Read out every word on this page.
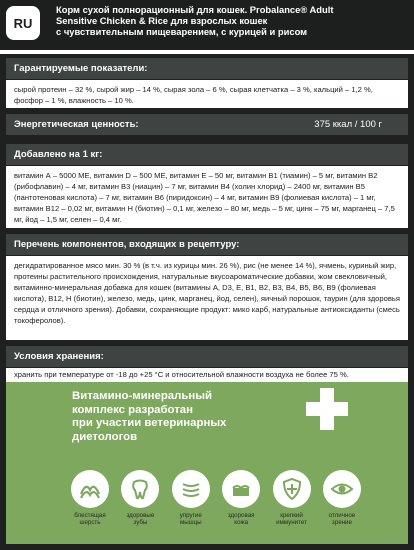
RU
Корм сухой полнорационный для кошек. Probalance® Adult
Sensitive Chicken & Rice для взрослых кошек
с чувствительным пищеварением, с курицей и рисом
Гарантируемые показатели:
сырой протеин – 32 %, сырой жир – 14 %, сырая зола – 6 %, сырая клетчатка – 3 %, кальций – 1,2 %, фосфор – 1 %, влажность – 10 %.
Энергетическая ценность:	375 ккал / 100 г
Добавлено на 1 кг:
витамин А – 5000 МЕ, витамин D – 500 МЕ, витамин Е – 50 мг, витамин В1 (тиамин) – 5 мг, витамин В2 (рибофлавин) – 4 мг, витамин В3 (ниацин) – 7 мг, витамин В4 (холин хлорид) – 2400 мг, витамин В5 (пантотеновая кислота) – 7 мг, витамин В6 (пиридоксин) – 4 мг, витамин В9 (фолиевая кислота) – 1 мг, витамин В12 – 0,02 мг, витамин Н (биотин) – 0,1 мг, железо – 80 мг, медь – 5 мг, цинк – 75 мг, марганец – 7,5 мг, йод – 1,5 мг, селен – 0,4 мг.
Перечень компонентов, входящих в рецептуру:
дегидратированное мясо мин. 30 % (в т.ч. из курицы мин. 26 %), рис (не менее 14 %), ячмень, куриный жир, протеины растительного происхождения, натуральные вкусоароматические добавки, жом свекловичный, витаминно-минеральная добавка для кошек (витамины А, D3, Е, В1, В2, В3, В4, В5, В6, В9 (фолиевая кислота), В12, Н (биотин), железо, медь, цинк, марганец, йод, селен), яичный порошок, таурин (для здоровья сердца и отличного зрения). Добавки, сохраняющие продукт: мико карб, натуральные антиоксиданты (смесь токоферолов).
Условия хранения:
хранить при температуре от -18 до +25 °С и относительной влажности воздуха не более 75 %.
Витамино-минеральный
комплекс разработан
при участии ветеринарных
диетологов
блестящая
шерсть
здоровые
зубы
упругие
мышцы
здоровая
кожа
крепкий
иммунитет
отличное
зрение
